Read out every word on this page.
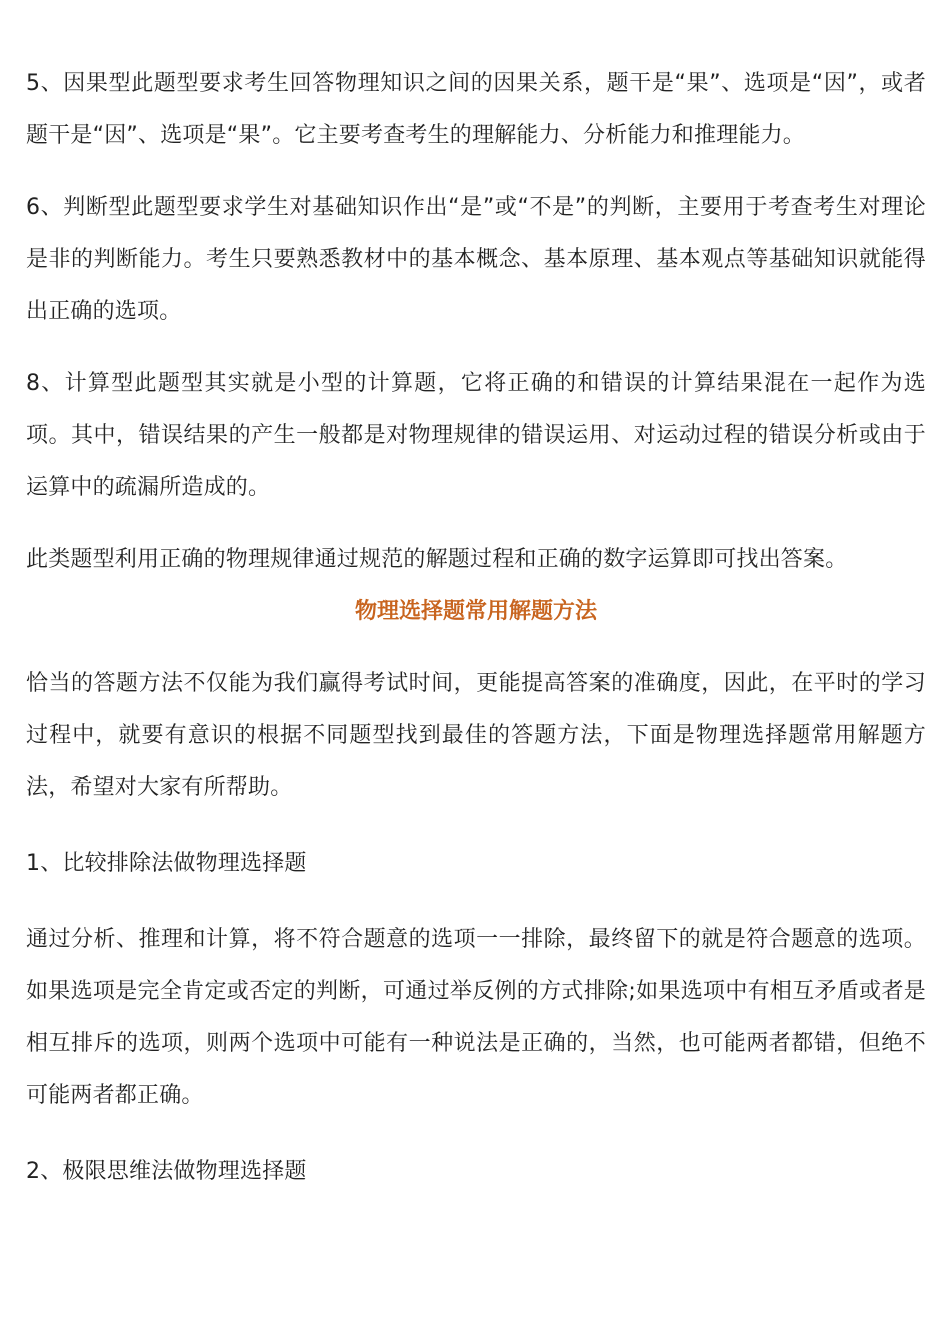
5、因果型此题型要求考生回答物理知识之间的因果关系，题干是“果”、选项是“因”，或者题干是“因”、选项是“果”。它主要考查考生的理解能力、分析能力和推理能力。

6、判断型此题型要求学生对基础知识作出“是”或“不是”的判断，主要用于考查考生对理论是非的判断能力。考生只要熟悉教材中的基本概念、基本原理、基本观点等基础知识就能得出正确的选项。

8、计算型此题型其实就是小型的计算题，它将正确的和错误的计算结果混在一起作为选项。其中，错误结果的产生一般都是对物理规律的错误运用、对运动过程的错误分析或由于运算中的疏漏所造成的。

此类题型利用正确的物理规律通过规范的解题过程和正确的数字运算即可找出答案。

物理选择题常用解题方法

恰当的答题方法不仅能为我们赢得考试时间，更能提高答案的准确度，因此，在平时的学习过程中，就要有意识的根据不同题型找到最佳的答题方法，下面是物理选择题常用解题方法，希望对大家有所帮助。

1、比较排除法做物理选择题

通过分析、推理和计算，将不符合题意的选项一一排除，最终留下的就是符合题意的选项。如果选项是完全肯定或否定的判断，可通过举反例的方式排除;如果选项中有相互矛盾或者是相互排斥的选项，则两个选项中可能有一种说法是正确的，当然，也可能两者都错，但绝不可能两者都正确。

2、极限思维法做物理选择题
